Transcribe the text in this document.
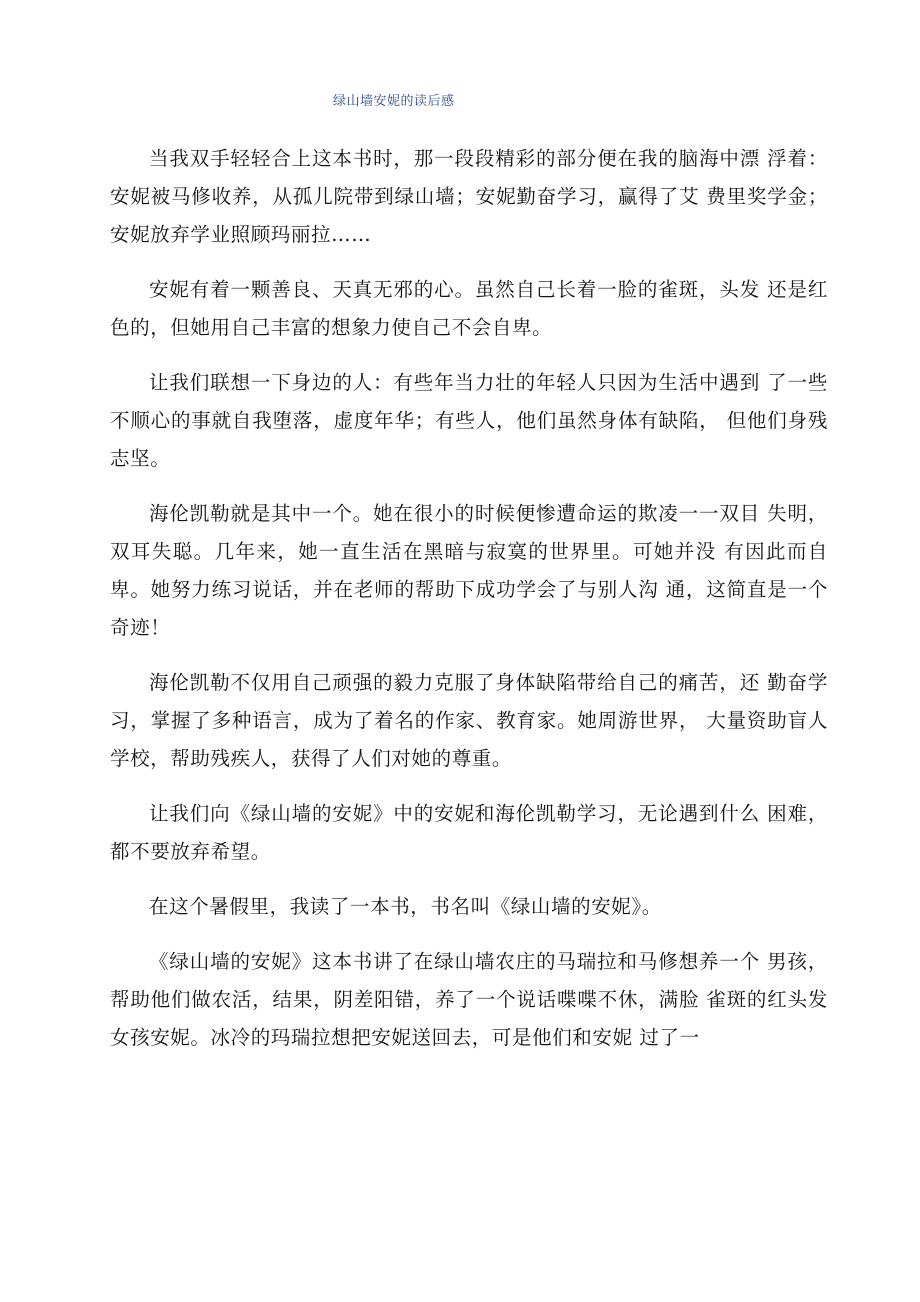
绿山墙安妮的读后感

当我双手轻轻合上这本书时，那一段段精彩的部分便在我的脑海中漂 浮着：安妮被马修收养，从孤儿院带到绿山墙；安妮勤奋学习，赢得了艾 费里奖学金；安妮放弃学业照顾玛丽拉……

安妮有着一颗善良、天真无邪的心。虽然自己长着一脸的雀斑，头发 还是红色的，但她用自己丰富的想象力使自己不会自卑。

让我们联想一下身边的人：有些年当力壮的年轻人只因为生活中遇到 了一些不顺心的事就自我堕落，虚度年华；有些人，他们虽然身体有缺陷， 但他们身残志坚。

海伦凯勒就是其中一个。她在很小的时候便惨遭命运的欺凌一一双目 失明，双耳失聪。几年来，她一直生活在黑暗与寂寞的世界里。可她并没 有因此而自卑。她努力练习说话，并在老师的帮助下成功学会了与别人沟 通，这简直是一个奇迹！

海伦凯勒不仅用自己顽强的毅力克服了身体缺陷带给自己的痛苦，还 勤奋学习，掌握了多种语言，成为了着名的作家、教育家。她周游世界， 大量资助盲人学校，帮助残疾人，获得了人们对她的尊重。

让我们向《绿山墙的安妮》中的安妮和海伦凯勒学习，无论遇到什么 困难，都不要放弃希望。

在这个暑假里，我读了一本书，书名叫《绿山墙的安妮》。

《绿山墙的安妮》这本书讲了在绿山墙农庄的马瑞拉和马修想养一个 男孩，帮助他们做农活，结果，阴差阳错，养了一个说话喋喋不休，满脸 雀斑的红头发女孩安妮。冰冷的玛瑞拉想把安妮送回去，可是他们和安妮 过了一
